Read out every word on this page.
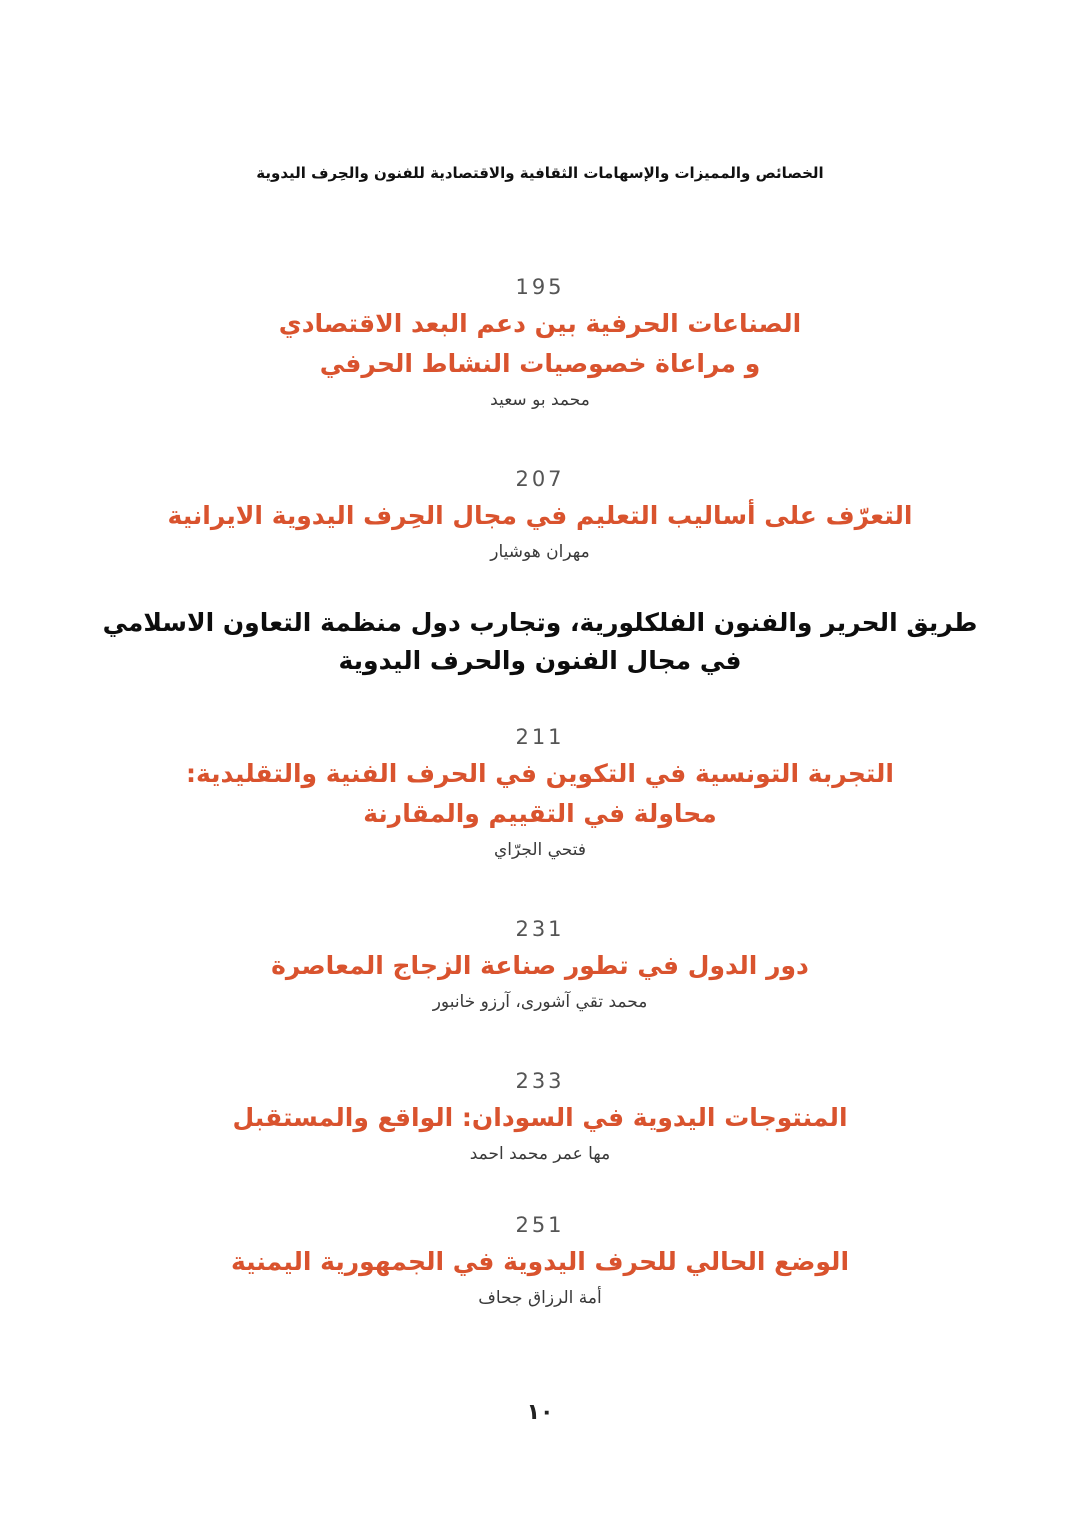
الخصائص والمميزات والإسهامات الثقافية والاقتصادية للفنون والحِرف اليدوية
195
الصناعات الحرفية بين دعم البعد الاقتصادي
و مراعاة خصوصيات النشاط الحرفي
محمد بو سعيد
207
التعرّف على أساليب التعليم في مجال الحِرف اليدوية الايرانية
مهران هوشيار
طريق الحرير والفنون الفلكلورية، وتجارب دول منظمة التعاون الاسلامي
في مجال الفنون والحرف اليدوية
211
التجربة التونسية في التكوين في الحرف الفنية والتقليدية:
محاولة في التقييم والمقارنة
فتحي الجرّاي
231
دور الدول في تطور صناعة الزجاج المعاصرة
محمد تقي آشوری، آرزو خانبور
233
المنتوجات اليدوية في السودان: الواقع والمستقبل
مها عمر محمد احمد
251
الوضع الحالي للحرف اليدوية في الجمهورية اليمنية
أمة الرزاق جحاف
١٠
